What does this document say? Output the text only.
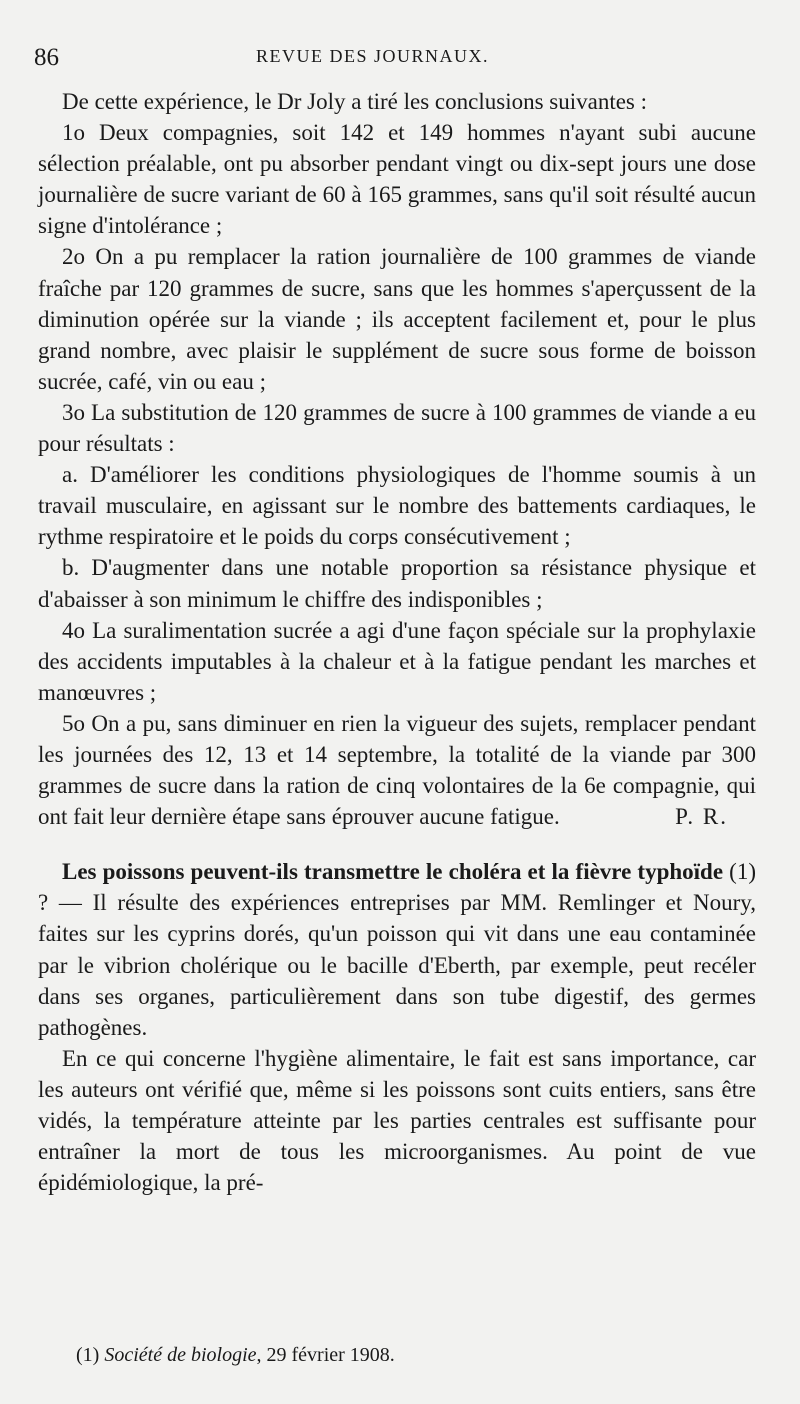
86	REVUE DES JOURNAUX.

De cette expérience, le Dr Joly a tiré les conclusions suivantes :

1o Deux compagnies, soit 142 et 149 hommes n'ayant subi aucune sélection préalable, ont pu absorber pendant vingt ou dix-sept jours une dose journalière de sucre variant de 60 à 165 grammes, sans qu'il soit résulté aucun signe d'intolérance ;

2o On a pu remplacer la ration journalière de 100 grammes de viande fraîche par 120 grammes de sucre, sans que les hommes s'aperçussent de la diminution opérée sur la viande ; ils acceptent facilement et, pour le plus grand nombre, avec plaisir le supplément de sucre sous forme de boisson sucrée, café, vin ou eau ;

3o La substitution de 120 grammes de sucre à 100 grammes de viande a eu pour résultats :

a. D'améliorer les conditions physiologiques de l'homme soumis à un travail musculaire, en agissant sur le nombre des battements cardiaques, le rythme respiratoire et le poids du corps consécutivement ;

b. D'augmenter dans une notable proportion sa résistance physique et d'abaisser à son minimum le chiffre des indisponibles ;

4o La suralimentation sucrée a agi d'une façon spéciale sur la prophylaxie des accidents imputables à la chaleur et à la fatigue pendant les marches et manœuvres ;

5o On a pu, sans diminuer en rien la vigueur des sujets, remplacer pendant les journées des 12, 13 et 14 septembre, la totalité de la viande par 300 grammes de sucre dans la ration de cinq volontaires de la 6e compagnie, qui ont fait leur dernière étape sans éprouver aucune fatigue.	P. R.

Les poissons peuvent-ils transmettre le choléra et la fièvre typhoïde (1) ? — Il résulte des expériences entreprises par MM. Remlinger et Noury, faites sur les cyprins dorés, qu'un poisson qui vit dans une eau contaminée par le vibrion cholérique ou le bacille d'Eberth, par exemple, peut recéler dans ses organes, particulièrement dans son tube digestif, des germes pathogènes.

En ce qui concerne l'hygiène alimentaire, le fait est sans importance, car les auteurs ont vérifié que, même si les poissons sont cuits entiers, sans être vidés, la température atteinte par les parties centrales est suffisante pour entraîner la mort de tous les microorganismes. Au point de vue épidémiologique, la pré-

(1) Société de biologie, 29 février 1908.
